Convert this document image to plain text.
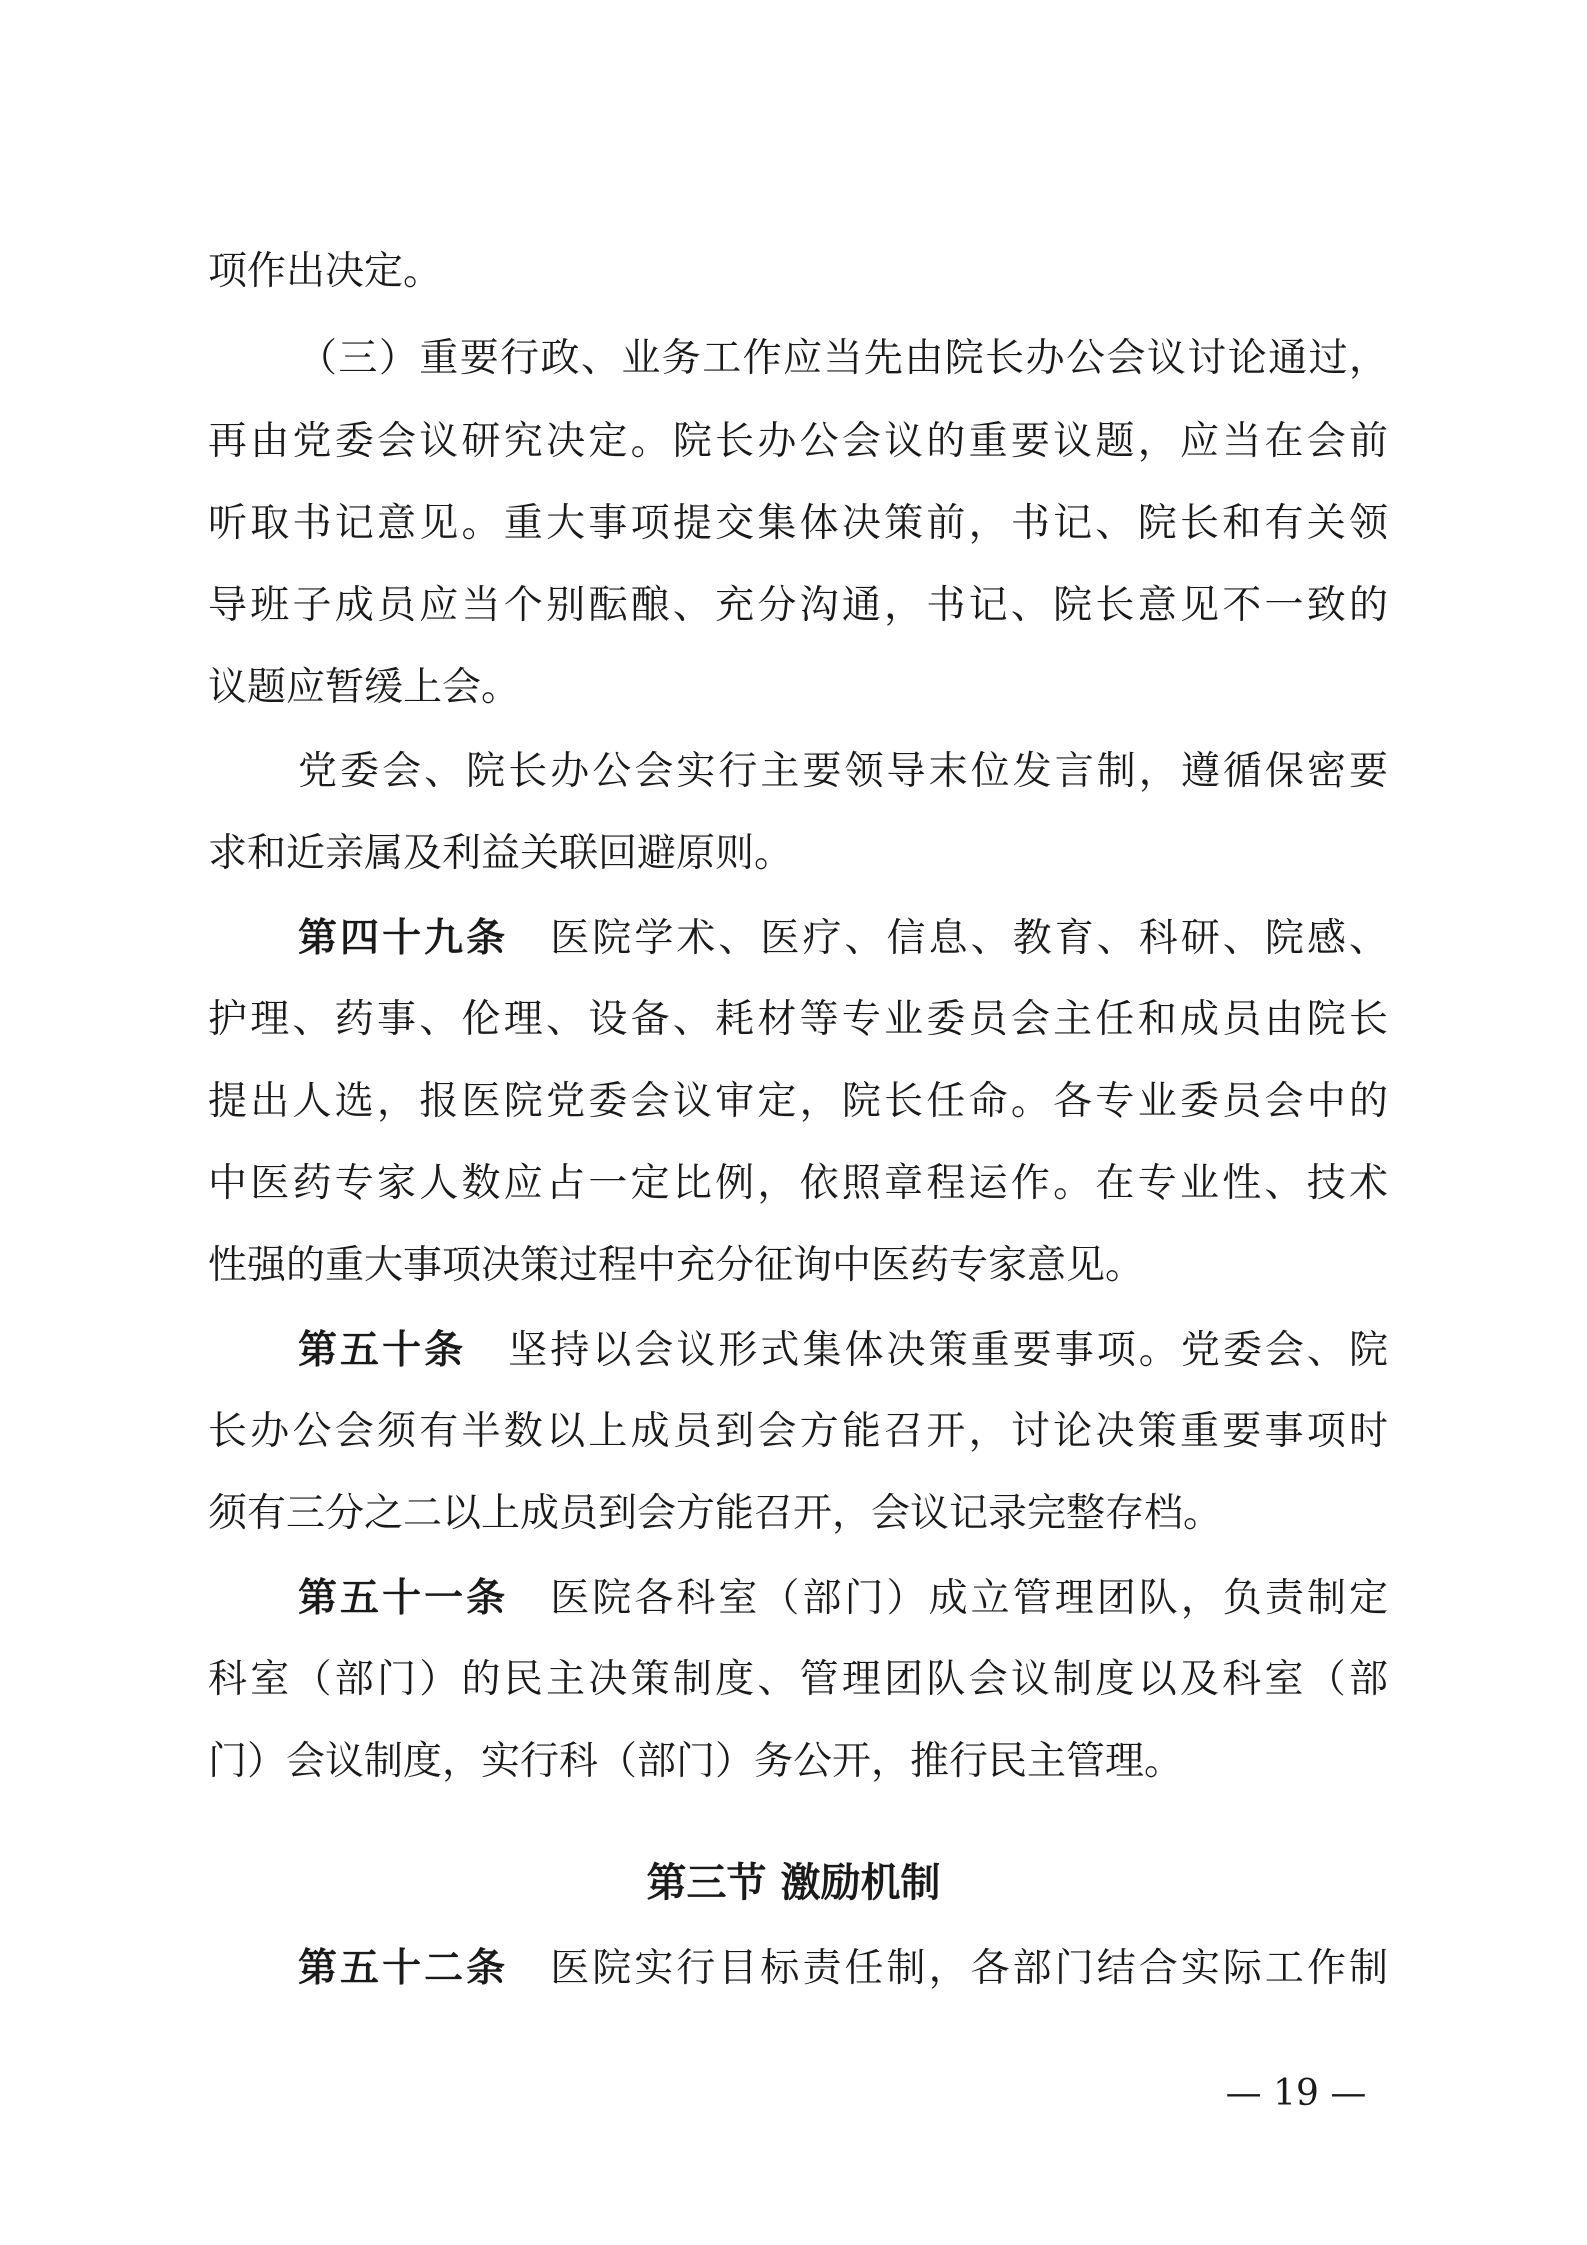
项作出决定。
（三）重要行政、业务工作应当先由院长办公会议讨论通过，
再由党委会议研究决定。院长办公会议的重要议题，应当在会前
听取书记意见。重大事项提交集体决策前，书记、院长和有关领
导班子成员应当个别酝酿、充分沟通，书记、院长意见不一致的
议题应暂缓上会。
党委会、院长办公会实行主要领导末位发言制，遵循保密要
求和近亲属及利益关联回避原则。
第四十九条  医院学术、医疗、信息、教育、科研、院感、
护理、药事、伦理、设备、耗材等专业委员会主任和成员由院长
提出人选，报医院党委会议审定，院长任命。各专业委员会中的
中医药专家人数应占一定比例，依照章程运作。在专业性、技术
性强的重大事项决策过程中充分征询中医药专家意见。
第五十条  坚持以会议形式集体决策重要事项。党委会、院
长办公会须有半数以上成员到会方能召开，讨论决策重要事项时
须有三分之二以上成员到会方能召开，会议记录完整存档。
第五十一条  医院各科室（部门）成立管理团队，负责制定
科室（部门）的民主决策制度、管理团队会议制度以及科室（部
门）会议制度，实行科（部门）务公开，推行民主管理。
第三节 激励机制
第五十二条  医院实行目标责任制，各部门结合实际工作制
— 19 —
